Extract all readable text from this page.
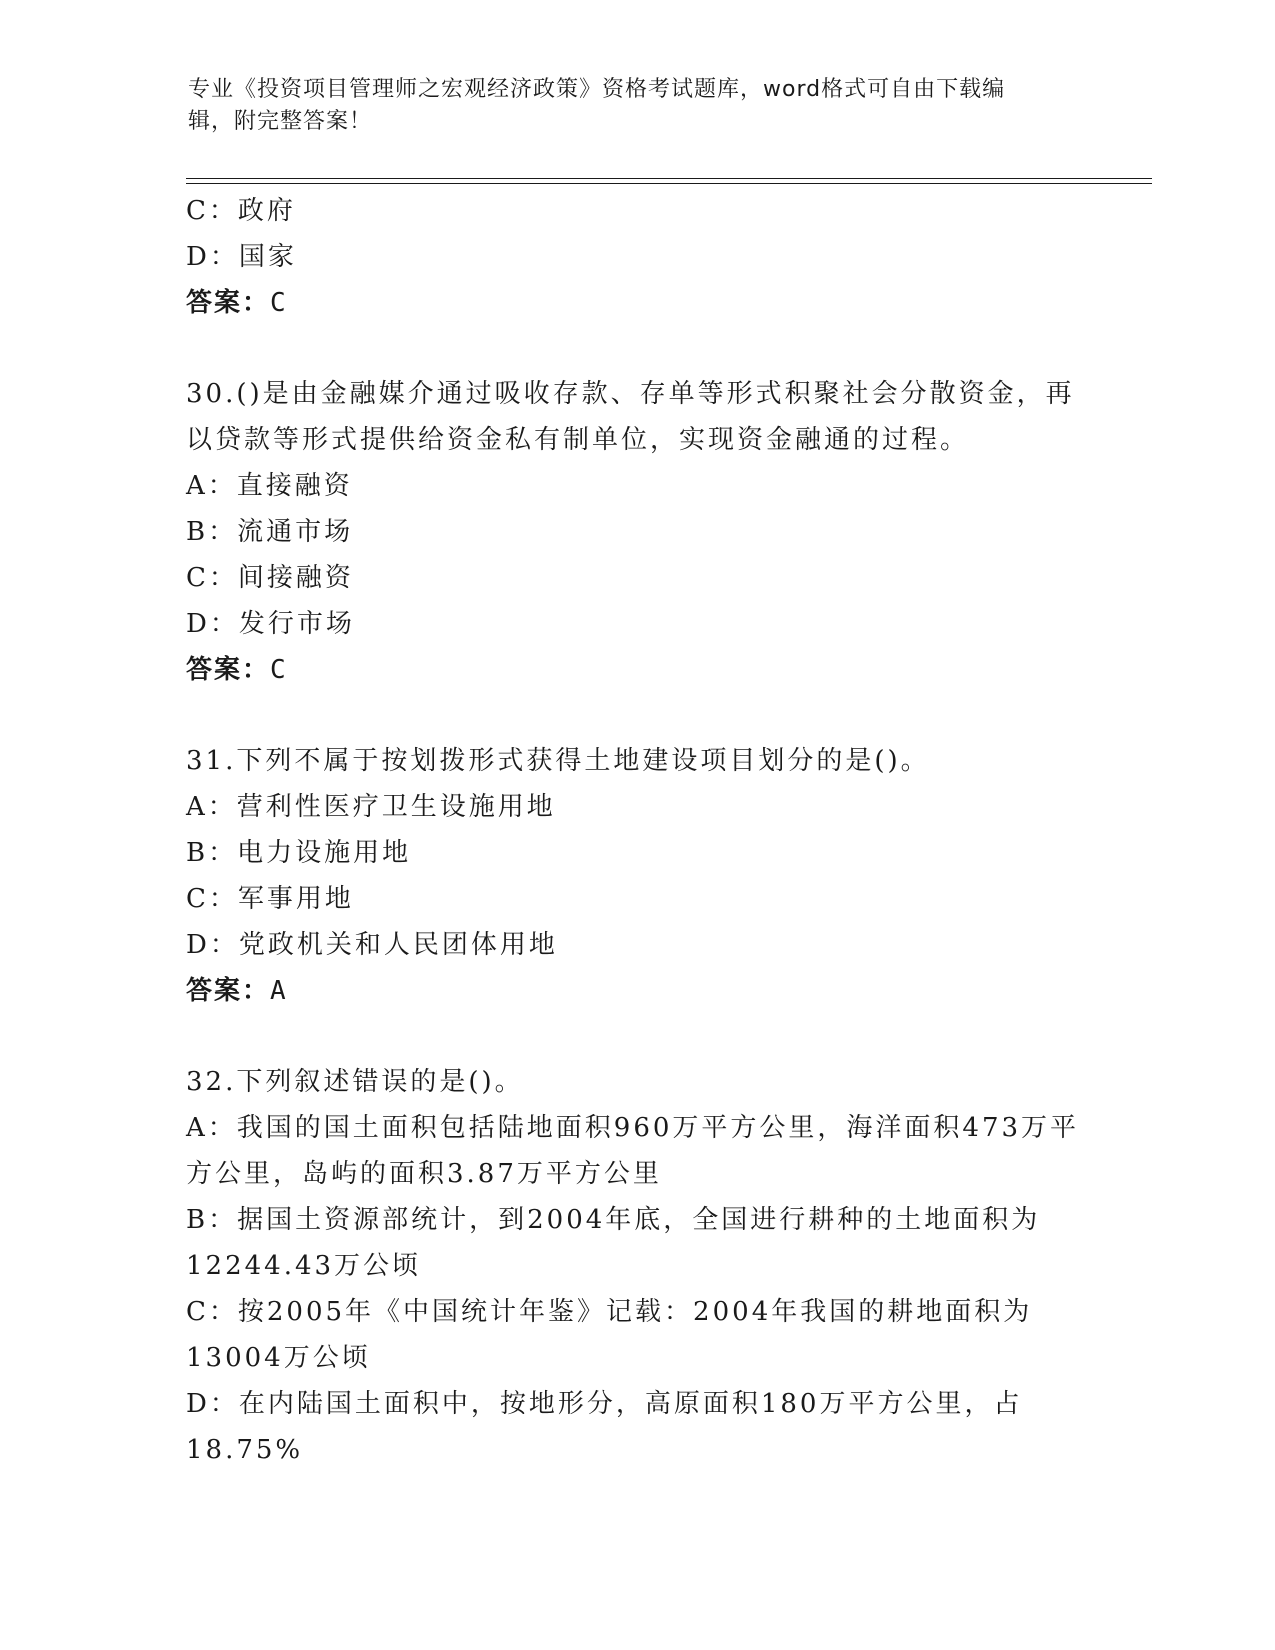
专业《投资项目管理师之宏观经济政策》资格考试题库，word格式可自由下载编
辑，附完整答案！
C：政府
D：国家
答案：C
30.()是由金融媒介通过吸收存款、存单等形式积聚社会分散资金，再
以贷款等形式提供给资金私有制单位，实现资金融通的过程。
A：直接融资
B：流通市场
C：间接融资
D：发行市场
答案：C
31.下列不属于按划拨形式获得土地建设项目划分的是()。
A：营利性医疗卫生设施用地
B：电力设施用地
C：军事用地
D：党政机关和人民团体用地
答案：A
32.下列叙述错误的是()。
A：我国的国土面积包括陆地面积960万平方公里，海洋面积473万平
方公里，岛屿的面积3.87万平方公里
B：据国土资源部统计，到2004年底，全国进行耕种的土地面积为
12244.43万公顷
C：按2005年《中国统计年鉴》记载：2004年我国的耕地面积为
13004万公顷
D：在内陆国土面积中，按地形分，高原面积180万平方公里，占
18.75%
